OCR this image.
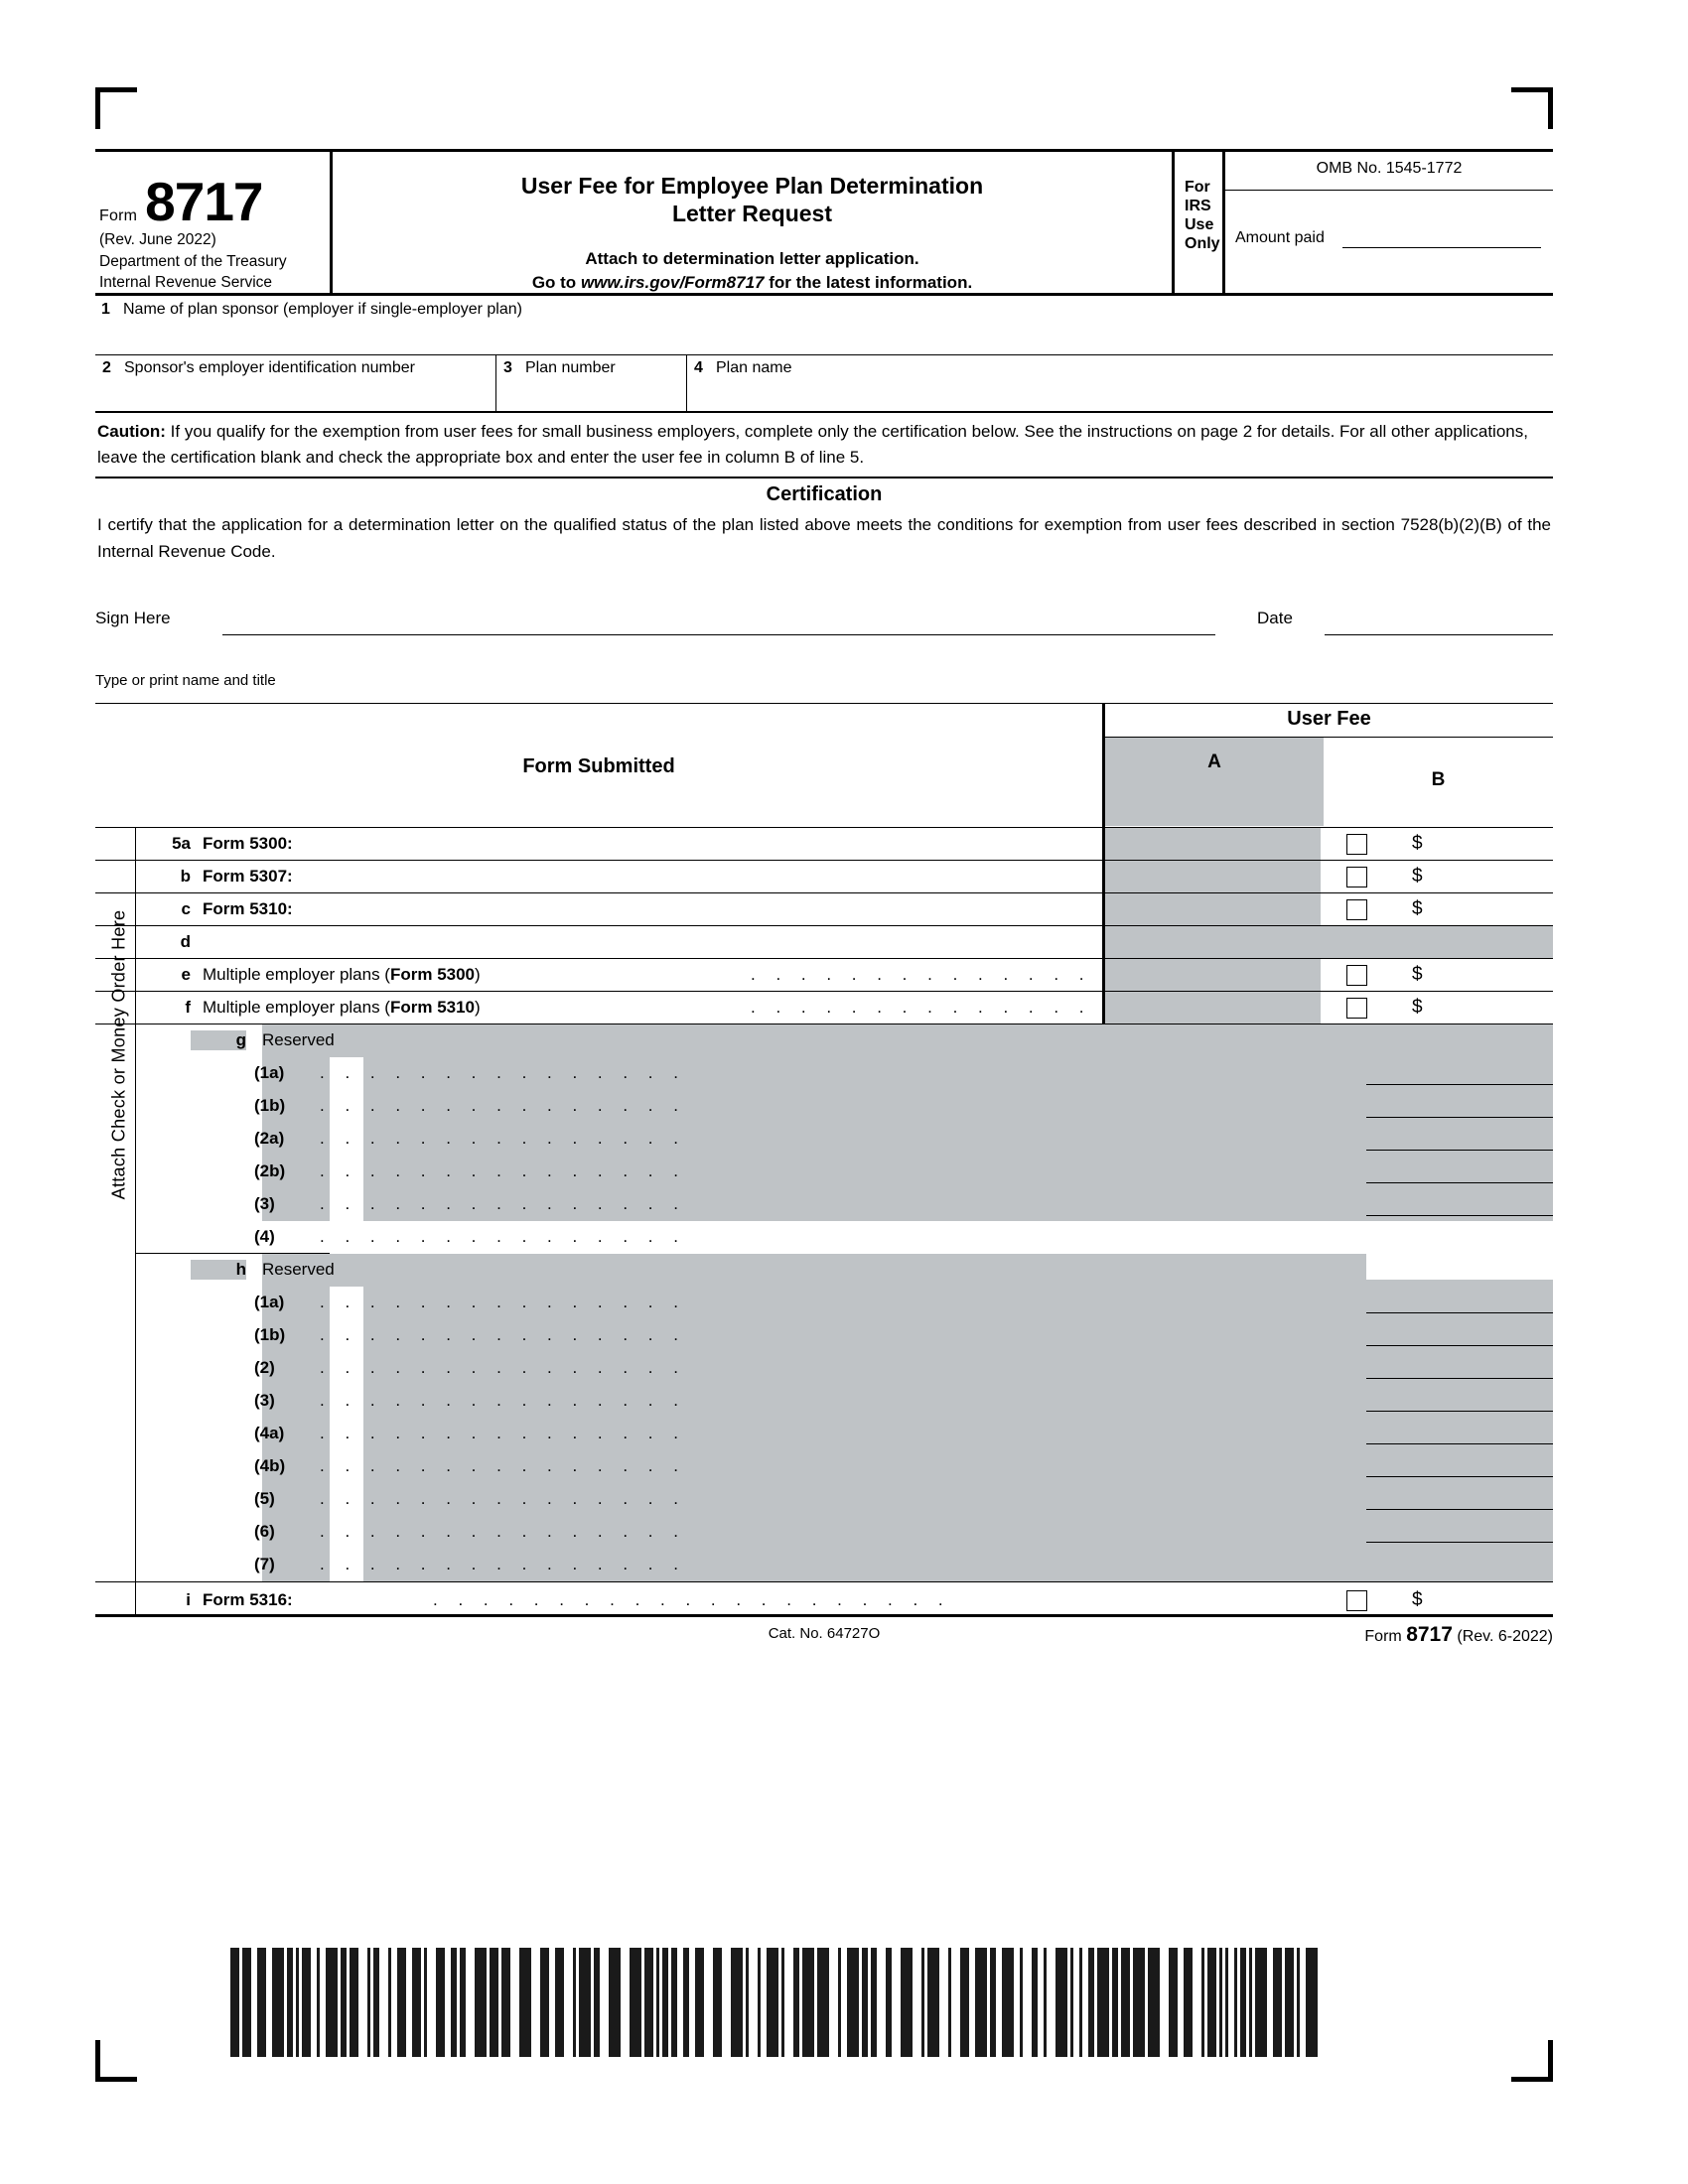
Form 8717
(Rev. June 2022)
Department of the Treasury
Internal Revenue Service
User Fee for Employee Plan Determination
Letter Request
Attach to determination letter application.
Go to www.irs.gov/Form8717 for the latest information.
For
IRS
Use
Only
OMB No. 1545-1772
Amount paid
1 Name of plan sponsor (employer if single-employer plan)
2 Sponsor's employer identification number	3 Plan number	4 Plan name
Caution: If you qualify for the exemption from user fees for small business employers, complete only the certification below. See the instructions on page 2 for details. For all other applications, leave the certification blank and check the appropriate box and enter the user fee in column B of line 5.
Certification
I certify that the application for a determination letter on the qualified status of the plan listed above meets the conditions for exemption from user fees described in section 7528(b)(2)(B) of the Internal Revenue Code.
Sign Here	Date
Type or print name and title
Form Submitted
User Fee
A
B
Attach Check or Money Order Here
5a Form 5300:	$
b Form 5307:	$
c Form 5310:	$
d
e Multiple employer plans (Form 5300)	. . . . . . . . . . . . . .	$
f Multiple employer plans (Form 5310)	. . . . . . . . . . . . . .	$
g Reserved
(1a)	. . . . . . . . . . . . . . .
(1b)	. . . . . . . . . . . . . . .
(2a)	. . . . . . . . . . . . . . .
(2b)	. . . . . . . . . . . . . . .
(3)	. . . . . . . . . . . . . . .
(4)	. . . . . . . . . . . . . . .
h Reserved
(1a)	. . . . . . . . . . . . . . .
(1b)	. . . . . . . . . . . . . . .
(2)	. . . . . . . . . . . . . . .
(3)	. . . . . . . . . . . . . . .
(4a)	. . . . . . . . . . . . . . .
(4b)	. . . . . . . . . . . . . . .
(5)	. . . . . . . . . . . . . . .
(6)	. . . . . . . . . . . . . . .
(7)	. . . . . . . . . . . . . . .
i Form 5316:	. . . . . . . . . . . . . . . . . . . . .	$
Cat. No. 64727O	Form 8717 (Rev. 6-2022)
